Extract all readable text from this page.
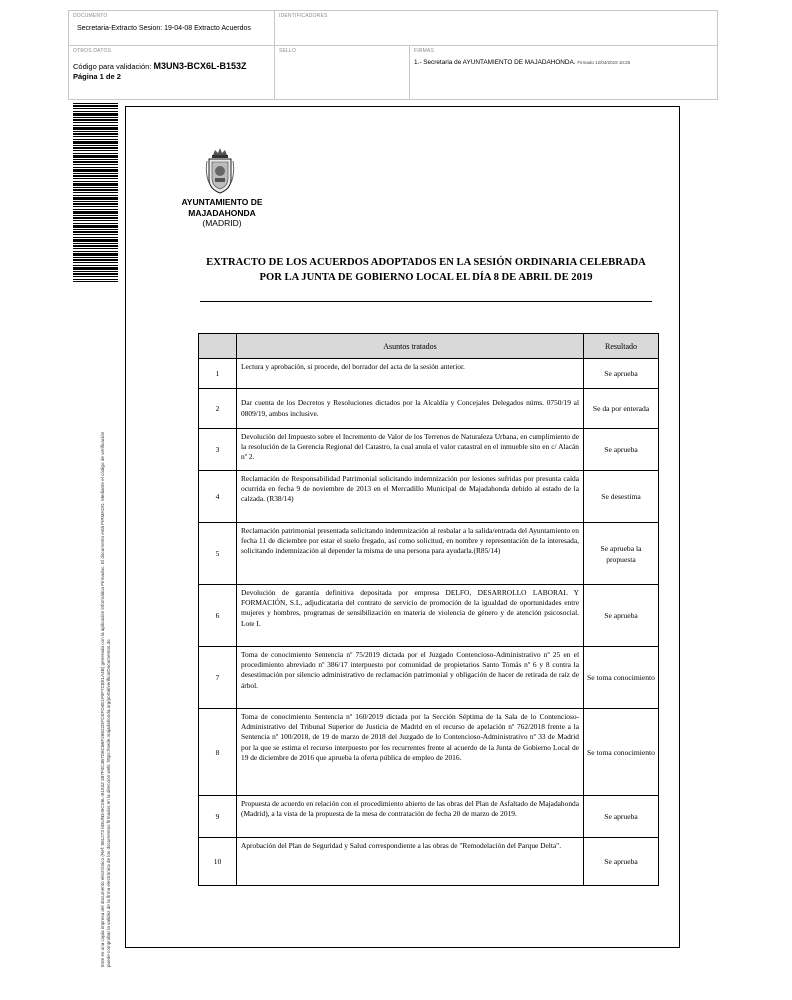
DOCUMENTO
Secretaria-Extracto Sesion: 19-04-08 Extracto Acuerdos
IDENTIFICADORES
OTROS DATOS
Código para validación: M3UN3-BCX6L-B153Z
Página 1 de 2
SELLO	FIRMAS
1.- Secretaria de AYUNTAMIENTO DE MAJADAHONDA. Firmado 12/04/2019 10:25
Este es una copia impresa del documento electrónico (Ref: 861273 M3UN3-BCX6L-B153Z 387F0C3B7D6C6BF26822DFCEFD4E1F0F7C8E1A4B) generada con la aplicación informática Firmadoc. El documento está FIRMADO. Mediante el código de verificación puede comprobar la validez de la firma electrónica de los documentos firmados en la dirección web: https://sede.majadahonda.org/portal/verificarDocumentos.do
AYUNTAMIENTO DE
MAJADAHONDA
(MADRID)
EXTRACTO DE LOS ACUERDOS ADOPTADOS EN LA SESIÓN ORDINARIA CELEBRADA
POR LA JUNTA DE GOBIERNO LOCAL EL DÍA 8 DE ABRIL DE 2019
	Asuntos tratados	Resultado
1	Lectura y aprobación, si procede, del borrador del acta de la sesión anterior.	Se aprueba
2	Dar cuenta de los Decretos y Resoluciones dictados por la Alcaldía y Concejales Delegados núms. 0750/19 al 0809/19, ambos inclusive.	Se da por enterada
3	Devolución del Impuesto sobre el Incremento de Valor de los Terrenos de Naturaleza Urbana, en cumplimiento de la resolución de la Gerencia Regional del Catastro, la cual anula el valor catastral en el inmueble sito en c/ Alacán nº 2.	Se aprueba
4	Reclamación de Responsabilidad Patrimonial solicitando indemnización por lesiones sufridas por presunta caída ocurrida en fecha 9 de noviembre de 2013 en el Mercadillo Municipal de Majadahonda debido al estado de la calzada. (R38/14)	Se desestima
5	Reclamación patrimonial presentada solicitando indemnización al resbalar a la salida/entrada del Ayuntamiento en fecha 11 de diciembre por estar el suelo fregado, así como solicitud, en nombre y representación de la interesada, solicitando indemnización al depender la misma de una persona para ayudarla.(R85/14)	Se aprueba la propuesta
6	Devolución de garantía definitiva depositada por empresa DELFO, DESARROLLO LABORAL Y FORMACIÓN, S.L, adjudicataria del contrato de servicio de promoción de la igualdad de oportunidades entre mujeres y hombres, programas de sensibilización en materia de violencia de género y de atención psicosocial. Lote I.	Se aprueba
7	Toma de conocimiento Sentencia nº 75/2019 dictada por el Juzgado Contencioso-Administrativo nº 25 en el procedimiento abreviado nº 386/17 interpuesto por comunidad de propietarios Santo Tomás nº 6 y 8 contra la desestimación por silencio administrativo de reclamación patrimonial y obligación de hacer de retirada de raíz de árbol.	Se toma conocimiento
8	Toma de conocimiento Sentencia nº 160/2019 dictada por la Sección Séptima de la Sala de lo Contencioso-Administrativo del Tribunal Superior de Justicia de Madrid en el recurso de apelación nº 762/2018 frente a la Sentencia nº 100/2018, de 19 de marzo de 2018 del Juzgado de lo Contencioso-Administrativo nº 33 de Madrid por la que se estima el recurso interpuesto por los recurrentes frente al acuerdo de la Junta de Gobierno Local de 19 de diciembre de 2016 que aprueba la oferta pública de empleo de 2016.	Se toma conocimiento
9	Propuesta de acuerdo en relación con el procedimiento abierto de las obras del Plan de Asfaltado de Majadahonda (Madrid), a la vista de la propuesta de la mesa de contratación de fecha 20 de marzo de 2019.	Se aprueba
10	Aprobación del Plan de Seguridad y Salud correspondiente a las obras de "Remodelación del Parque Delta".	Se aprueba
